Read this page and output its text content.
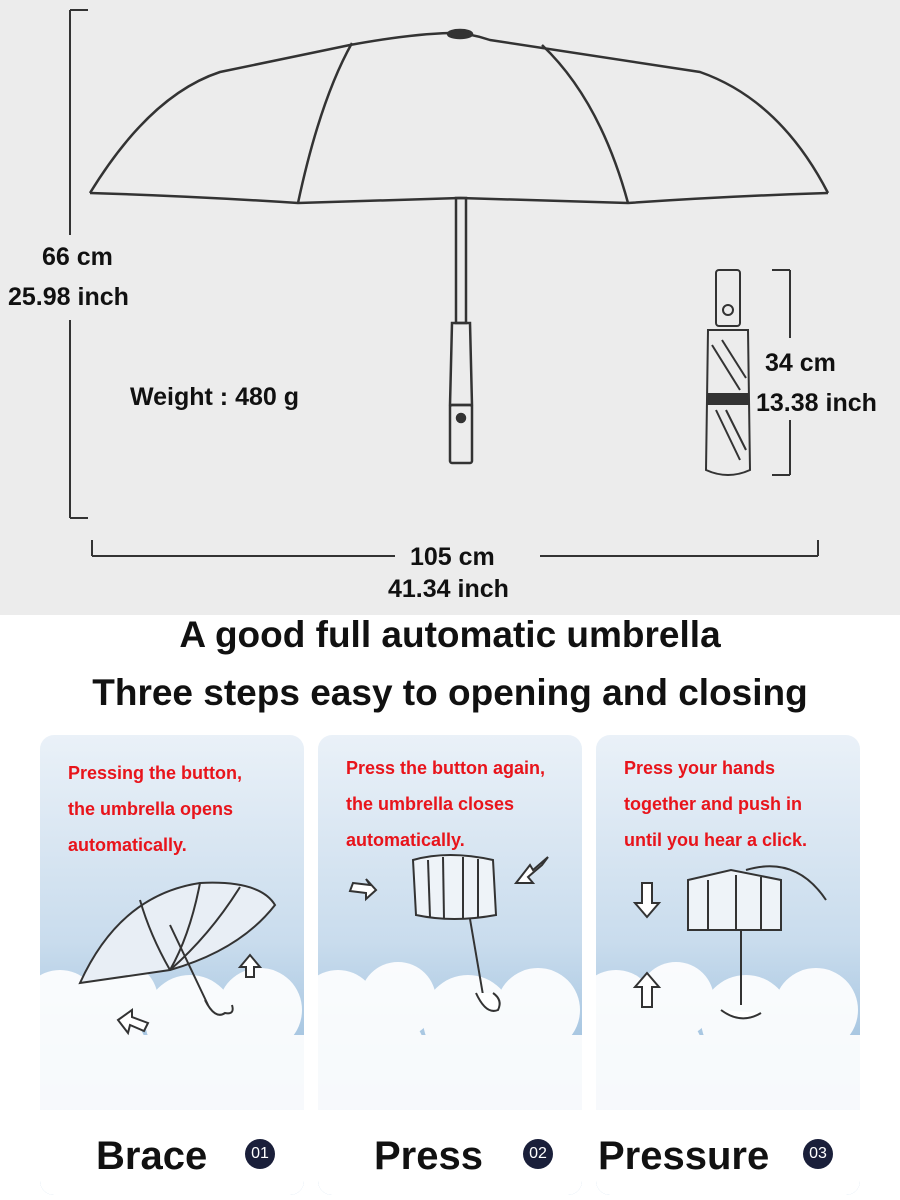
66 cm
25.98 inch
Weight : 480 g
34 cm
13.38 inch
105 cm
41.34 inch
A good full automatic umbrella
Three steps easy to opening and closing
Pressing the button,
the umbrella opens
automatically.
Brace	01
Press the button again,
the umbrella closes
automatically.
Press	02
Press your hands
together and push in
until you hear a click.
Pressure	03
